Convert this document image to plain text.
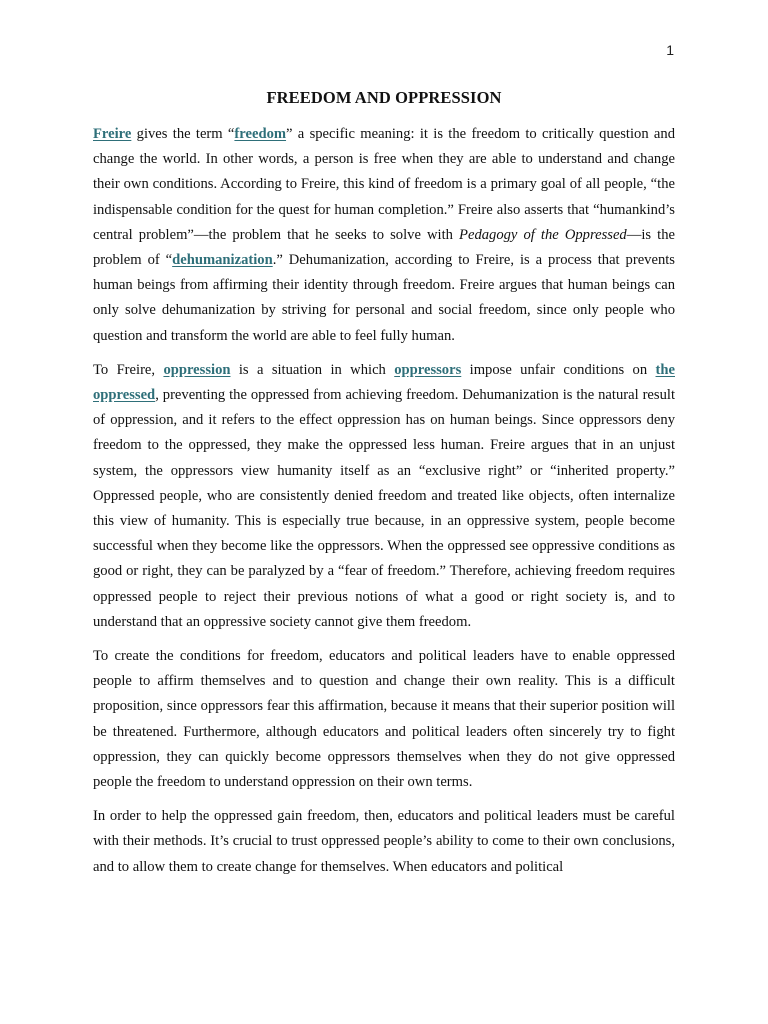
1
FREEDOM AND OPPRESSION

Freire gives the term “freedom” a specific meaning: it is the freedom to critically question and change the world. In other words, a person is free when they are able to understand and change their own conditions. According to Freire, this kind of freedom is a primary goal of all people, “the indispensable condition for the quest for human completion.” Freire also asserts that “humankind’s central problem”—the problem that he seeks to solve with Pedagogy of the Oppressed—is the problem of “dehumanization.” Dehumanization, according to Freire, is a process that prevents human beings from affirming their identity through freedom. Freire argues that human beings can only solve dehumanization by striving for personal and social freedom, since only people who question and transform the world are able to feel fully human.

To Freire, oppression is a situation in which oppressors impose unfair conditions on the oppressed, preventing the oppressed from achieving freedom. Dehumanization is the natural result of oppression, and it refers to the effect oppression has on human beings. Since oppressors deny freedom to the oppressed, they make the oppressed less human. Freire argues that in an unjust system, the oppressors view humanity itself as an “exclusive right” or “inherited property.” Oppressed people, who are consistently denied freedom and treated like objects, often internalize this view of humanity. This is especially true because, in an oppressive system, people become successful when they become like the oppressors. When the oppressed see oppressive conditions as good or right, they can be paralyzed by a “fear of freedom.” Therefore, achieving freedom requires oppressed people to reject their previous notions of what a good or right society is, and to understand that an oppressive society cannot give them freedom.

To create the conditions for freedom, educators and political leaders have to enable oppressed people to affirm themselves and to question and change their own reality. This is a difficult proposition, since oppressors fear this affirmation, because it means that their superior position will be threatened. Furthermore, although educators and political leaders often sincerely try to fight oppression, they can quickly become oppressors themselves when they do not give oppressed people the freedom to understand oppression on their own terms.

In order to help the oppressed gain freedom, then, educators and political leaders must be careful with their methods. It’s crucial to trust oppressed people’s ability to come to their own conclusions, and to allow them to create change for themselves. When educators and political
